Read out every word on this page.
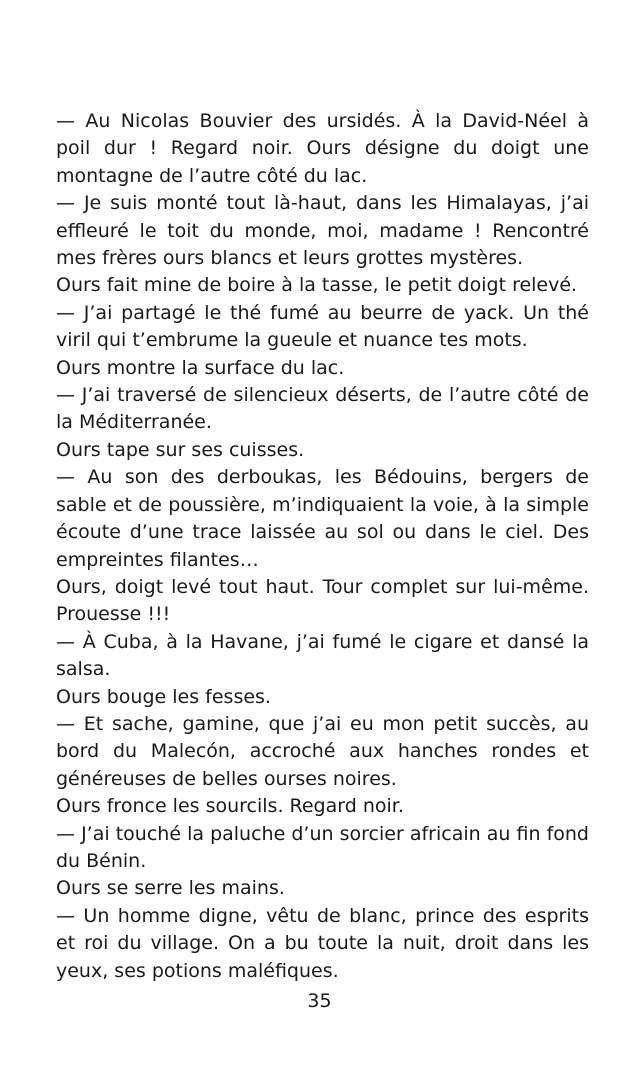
— Au Nicolas Bouvier des ursidés. À la David-Néel à poil dur ! Regard noir. Ours désigne du doigt une montagne de l’autre côté du lac.

— Je suis monté tout là-haut, dans les Himalayas, j’ai effleuré le toit du monde, moi, madame ! Rencontré mes frères ours blancs et leurs grottes mystères.

Ours fait mine de boire à la tasse, le petit doigt relevé.

— J’ai partagé le thé fumé au beurre de yack. Un thé viril qui t’embrume la gueule et nuance tes mots.

Ours montre la surface du lac.

— J’ai traversé de silencieux déserts, de l’autre côté de la Méditerranée.

Ours tape sur ses cuisses.

— Au son des derboukas, les Bédouins, bergers de sable et de poussière, m’indiquaient la voie, à la simple écoute d’une trace laissée au sol ou dans le ciel. Des empreintes filantes…

Ours, doigt levé tout haut. Tour complet sur lui-même. Prouesse !!!

— À Cuba, à la Havane, j’ai fumé le cigare et dansé la salsa.

Ours bouge les fesses.

— Et sache, gamine, que j’ai eu mon petit succès, au bord du Malecón, accroché aux hanches rondes et généreuses de belles ourses noires.

Ours fronce les sourcils. Regard noir.

— J’ai touché la paluche d’un sorcier africain au fin fond du Bénin.

Ours se serre les mains.

— Un homme digne, vêtu de blanc, prince des esprits et roi du village. On a bu toute la nuit, droit dans les yeux, ses potions maléfiques.

35
